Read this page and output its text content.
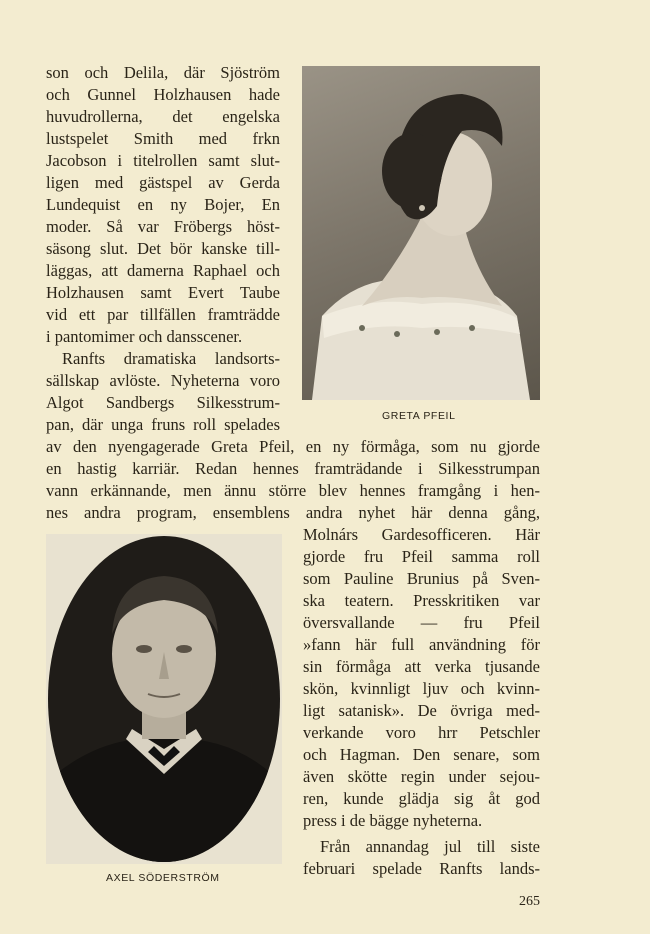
son och Delila, där Sjöström
och Gunnel Holzhausen hade
huvudrollerna, det engelska
lustspelet Smith med frkn
Jacobson i titelrollen samt slut-
ligen med gästspel av Gerda
Lundequist en ny Bojer, En
moder. Så var Fröbergs höst-
säsong slut. Det bör kanske till-
läggas, att damerna Raphael och
Holzhausen samt Evert Taube
vid ett par tillfällen framträdde
i pantomimer och dansscener.
Ranfts dramatiska landsorts-
sällskap avlöste. Nyheterna voro
Algot Sandbergs Silkesstrum-
pan, där unga fruns roll spelades	GRETA PFEIL
av den nyengagerade Greta Pfeil, en ny förmåga, som nu gjorde
en hastig karriär. Redan hennes framträdande i Silkesstrumpan
vann erkännande, men ännu större blev hennes framgång i hen-
nes andra program, ensemblens andra nyhet här denna gång,
AXEL SÖDERSTRÖM
Molnárs Gardesofficeren. Här
gjorde fru Pfeil samma roll
som Pauline Brunius på Sven-
ska teatern. Presskritiken var
översvallande — fru Pfeil
»fann här full användning för
sin förmåga att verka tjusande
skön, kvinnligt ljuv och kvinn-
ligt satanisk». De övriga med-
verkande voro hrr Petschler
och Hagman. Den senare, som
även skötte regin under sejou-
ren, kunde glädja sig åt god
press i de bägge nyheterna.
Från annandag jul till siste
februari spelade Ranfts lands-
265
